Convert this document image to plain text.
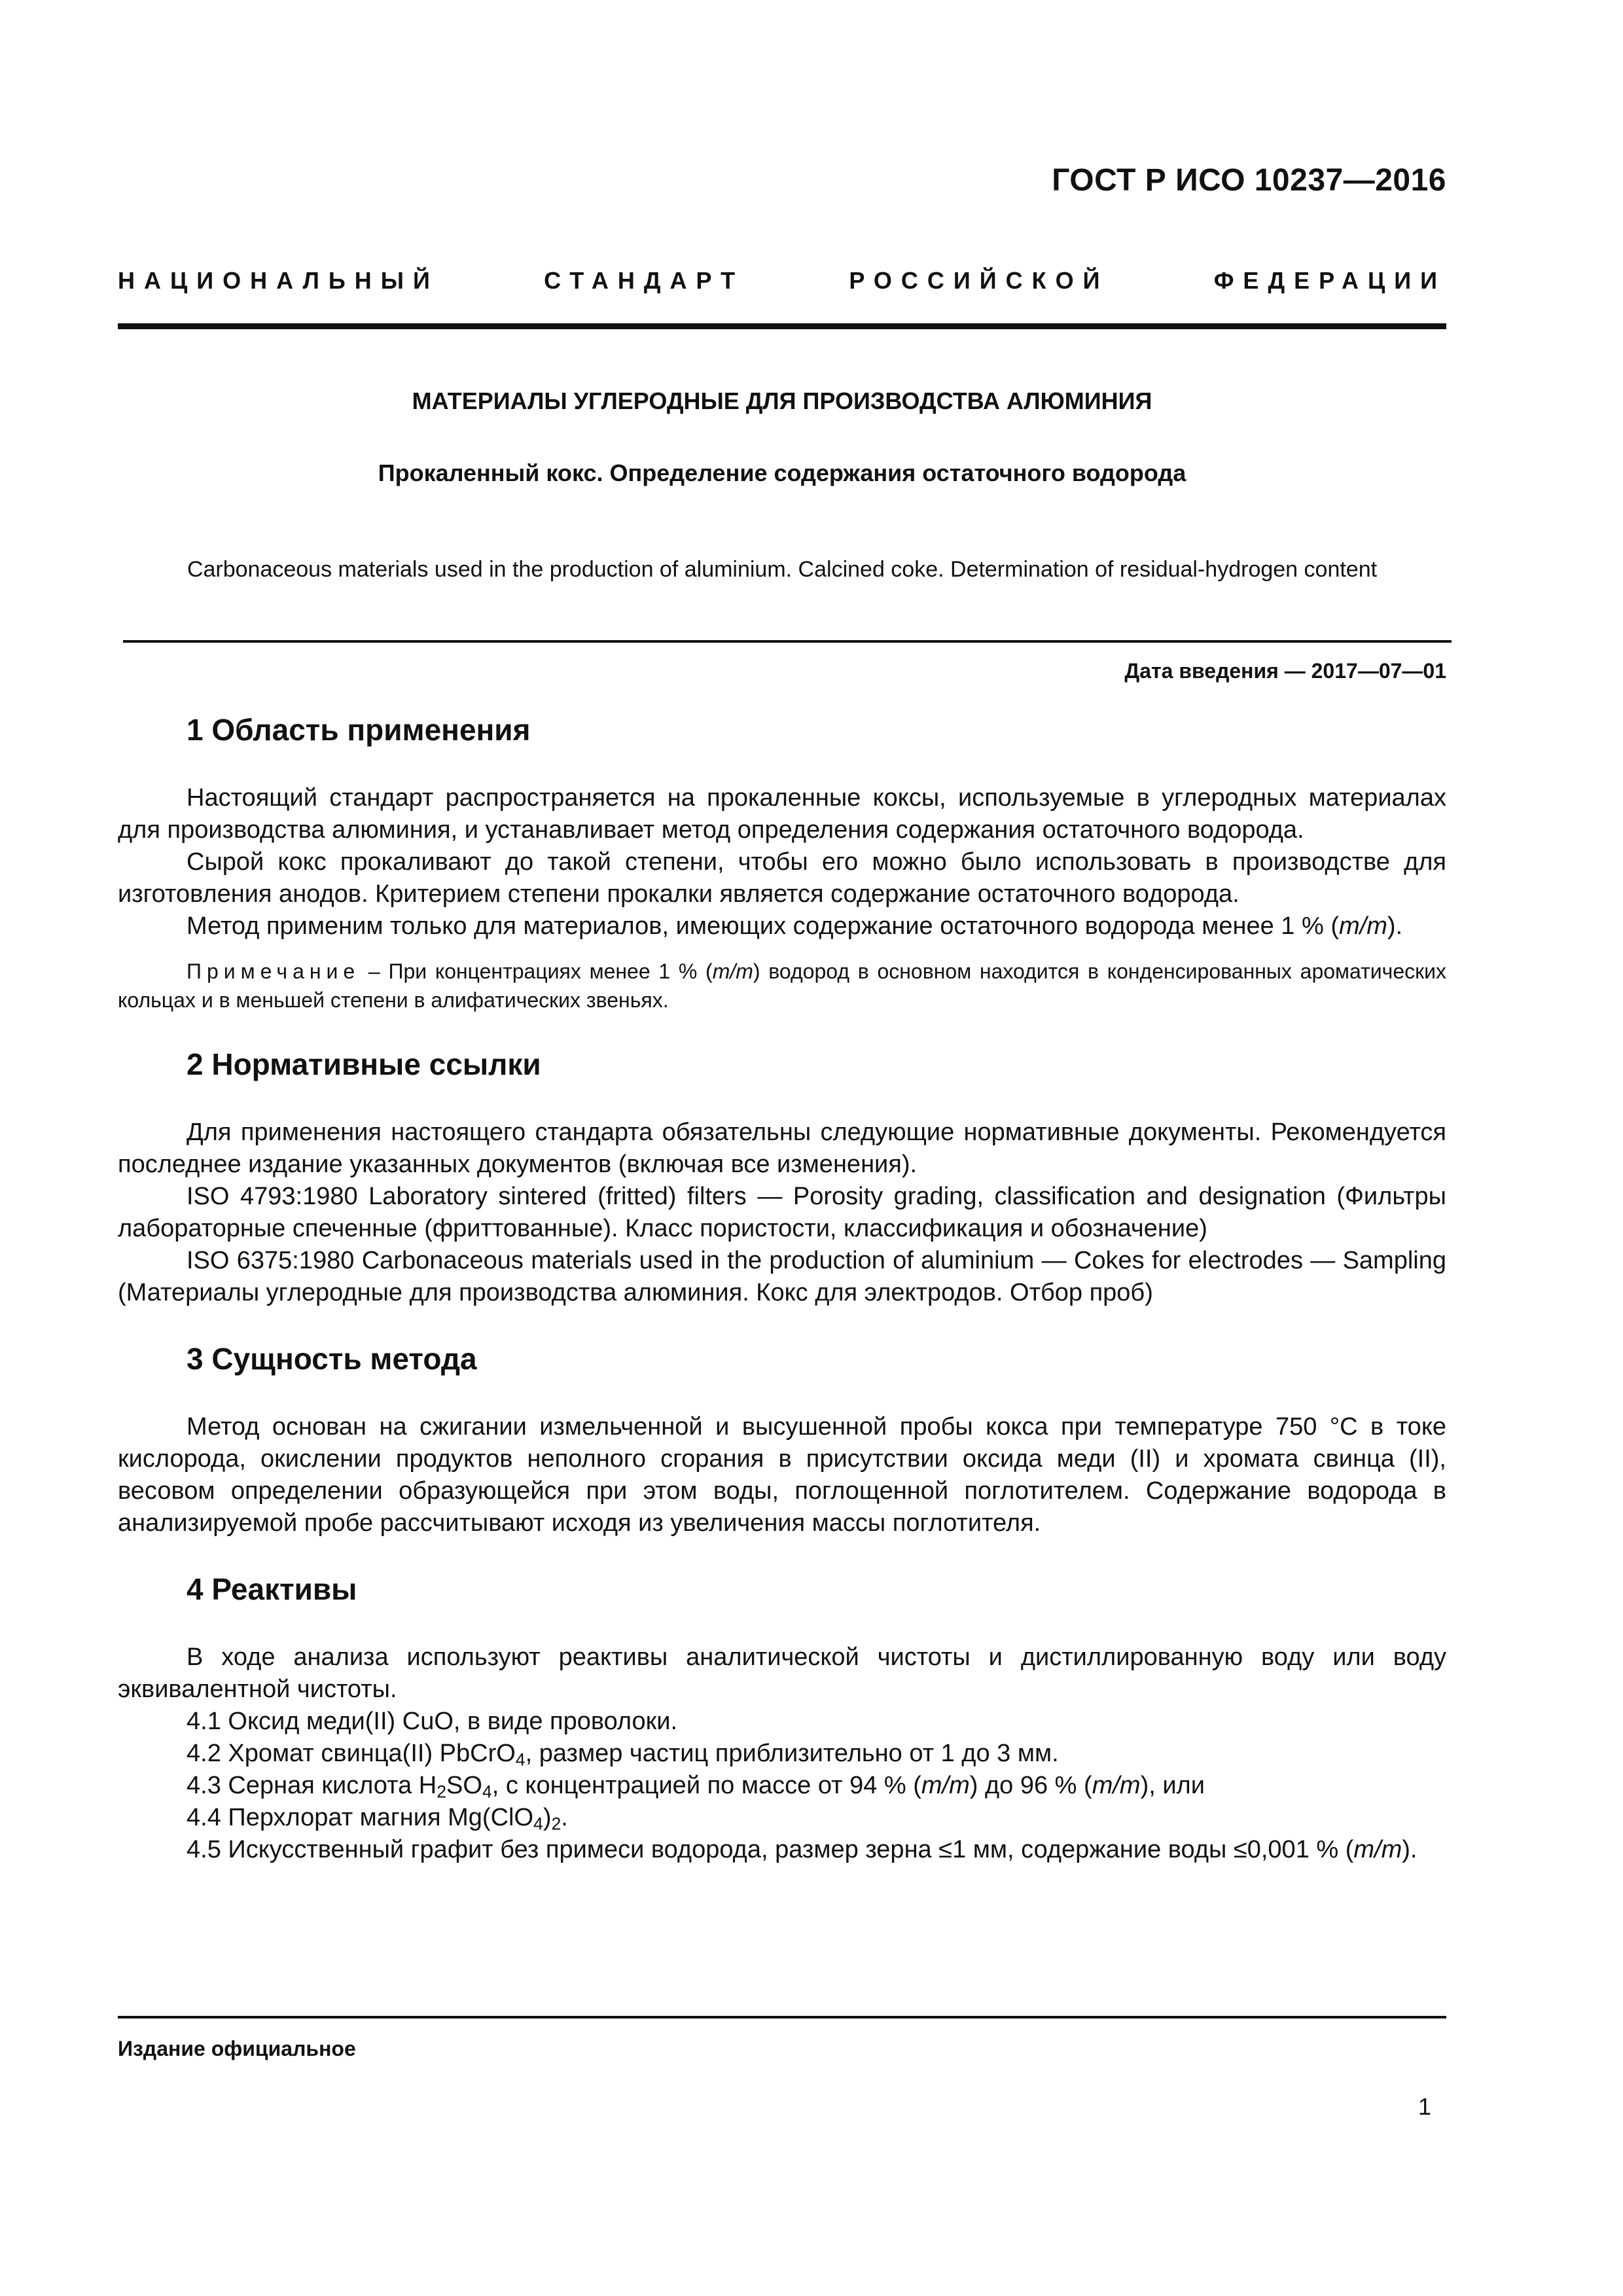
ГОСТ Р ИСО 10237—2016
НАЦИОНАЛЬНЫЙ	СТАНДАРТ	РОССИЙСКОЙ	ФЕДЕРАЦИИ
МАТЕРИАЛЫ УГЛЕРОДНЫЕ ДЛЯ ПРОИЗВОДСТВА АЛЮМИНИЯ
Прокаленный кокс. Определение содержания остаточного водорода
Carbonaceous materials used in the production of aluminium. Calcined coke. Determination of residual-hydrogen content
Дата введения — 2017—07—01
1 Область применения

Настоящий стандарт распространяется на прокаленные коксы, используемые в углеродных материалах для производства алюминия, и устанавливает метод определения содержания остаточного водорода.

Сырой кокс прокаливают до такой степени, чтобы его можно было использовать в производстве для изготовления анодов. Критерием степени прокалки является содержание остаточного водорода.

Метод применим только для материалов, имеющих содержание остаточного водорода менее 1 % (m/m).

Примечание – При концентрациях менее 1 % (m/m) водород в основном находится в конденсированных ароматических кольцах и в меньшей степени в алифатических звеньях.
2 Нормативные ссылки

Для применения настоящего стандарта обязательны следующие нормативные документы. Рекомендуется последнее издание указанных документов (включая все изменения).

ISO 4793:1980 Laboratory sintered (fritted) filters — Porosity grading, classification and designation (Фильтры лабораторные спеченные (фриттованные). Класс пористости, классификация и обозначение)

ISO 6375:1980 Carbonaceous materials used in the production of aluminium — Cokes for electrodes — Sampling (Материалы углеродные для производства алюминия. Кокс для электродов. Отбор проб)

3 Сущность метода

Метод основан на сжигании измельченной и высушенной пробы кокса при температуре 750 °C в токе кислорода, окислении продуктов неполного сгорания в присутствии оксида меди (II) и хромата свинца (II), весовом определении образующейся при этом воды, поглощенной поглотителем. Содержание водорода в анализируемой пробе рассчитывают исходя из увеличения массы поглотителя.

4 Реактивы

В ходе анализа используют реактивы аналитической чистоты и дистиллированную воду или воду эквивалентной чистоты.

4.1 Оксид меди(II) CuO, в виде проволоки.

4.2 Хромат свинца(II) PbCrO$_4$, размер частиц приблизительно от 1 до 3 мм.

4.3 Серная кислота $H_2SO_4$, с концентрацией по массе от 94 % (m/m) до 96 % (m/m), или

4.4 Перхлорат магния $Mg(ClO_4)_2$.

4.5 Искусственный графит без примеси водорода, размер зерна ≤1 мм, содержание воды ≤0,001 % (m/m).

Издание официальное
1
